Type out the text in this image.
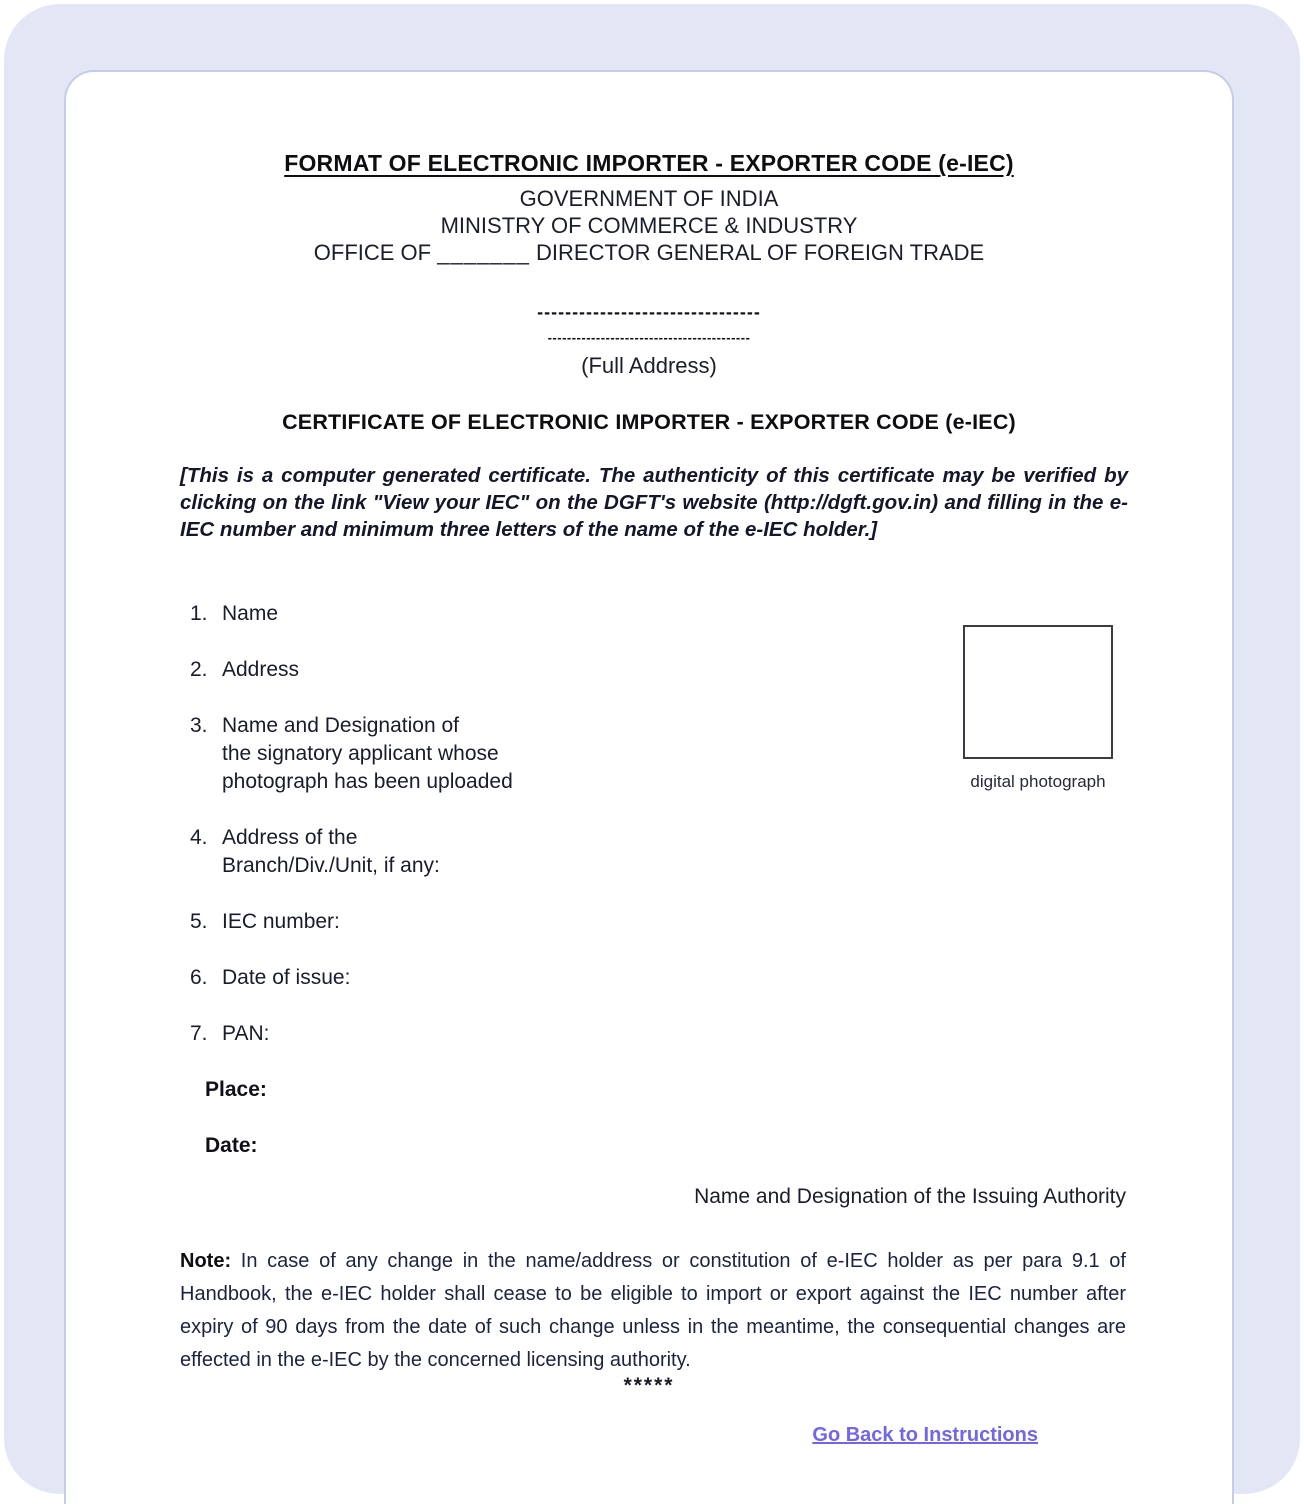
FORMAT OF ELECTRONIC IMPORTER - EXPORTER CODE (e-IEC)
GOVERNMENT OF INDIA
MINISTRY OF COMMERCE & INDUSTRY
OFFICE OF _______ DIRECTOR GENERAL OF FOREIGN TRADE
--------------------------------
------------------------------------------
(Full Address)
CERTIFICATE OF ELECTRONIC IMPORTER - EXPORTER CODE (e-IEC)
[This is a computer generated certificate. The authenticity of this certificate may be verified by clicking on the link "View your IEC" on the DGFT's website (http://dgft.gov.in) and filling in the e-IEC number and minimum three letters of the name of the e-IEC holder.]
1. Name
2. Address
3. Name and Designation of
the signatory applicant whose
photograph has been uploaded
4. Address of the
Branch/Div./Unit, if any:
5. IEC number:
6. Date of issue:
7. PAN:
Place:
Date:
digital photograph
Name and Designation of the Issuing Authority
Note: In case of any change in the name/address or constitution of e-IEC holder as per para 9.1 of Handbook, the e-IEC holder shall cease to be eligible to import or export against the IEC number after expiry of 90 days from the date of such change unless in the meantime, the consequential changes are effected in the e-IEC by the concerned licensing authority.
*****
Go Back to Instructions
